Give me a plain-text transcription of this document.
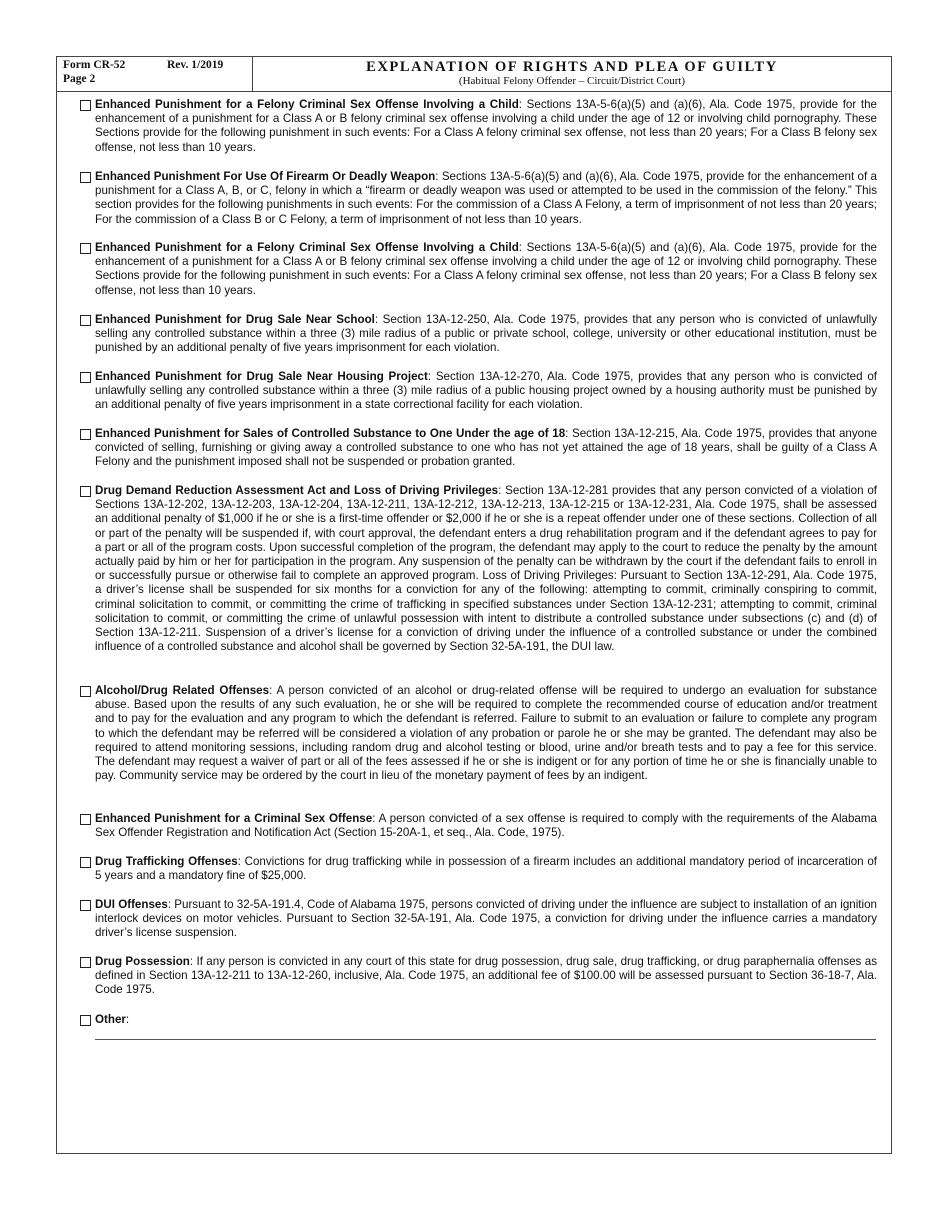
Form CR-52	Rev. 1/2019
Page 2
EXPLANATION OF RIGHTS AND PLEA OF GUILTY
(Habitual Felony Offender – Circuit/District Court)
Enhanced Punishment for a Felony Criminal Sex Offense Involving a Child: Sections 13A-5-6(a)(5) and (a)(6), Ala. Code 1975, provide for the enhancement of a punishment for a Class A or B felony criminal sex offense involving a child under the age of 12 or involving child pornography. These Sections provide for the following punishment in such events: For a Class A felony criminal sex offense, not less than 20 years; For a Class B felony sex offense, not less than 10 years.
Enhanced Punishment For Use Of Firearm Or Deadly Weapon: Sections 13A-5-6(a)(5) and (a)(6), Ala. Code 1975, provide for the enhancement of a punishment for a Class A, B, or C, felony in which a “firearm or deadly weapon was used or attempted to be used in the commission of the felony.” This section provides for the following punishments in such events: For the commission of a Class A Felony, a term of imprisonment of not less than 20 years; For the commission of a Class B or C Felony, a term of imprisonment of not less than 10 years.
Enhanced Punishment for a Felony Criminal Sex Offense Involving a Child: Sections 13A-5-6(a)(5) and (a)(6), Ala. Code 1975, provide for the enhancement of a punishment for a Class A or B felony criminal sex offense involving a child under the age of 12 or involving child pornography. These Sections provide for the following punishment in such events: For a Class A felony criminal sex offense, not less than 20 years; For a Class B felony sex offense, not less than 10 years.
Enhanced Punishment for Drug Sale Near School: Section 13A-12-250, Ala. Code 1975, provides that any person who is convicted of unlawfully selling any controlled substance within a three (3) mile radius of a public or private school, college, university or other educational institution, must be punished by an additional penalty of five years imprisonment for each violation.
Enhanced Punishment for Drug Sale Near Housing Project: Section 13A-12-270, Ala. Code 1975, provides that any person who is convicted of unlawfully selling any controlled substance within a three (3) mile radius of a public housing project owned by a housing authority must be punished by an additional penalty of five years imprisonment in a state correctional facility for each violation.
Enhanced Punishment for Sales of Controlled Substance to One Under the age of 18: Section 13A-12-215, Ala. Code 1975, provides that anyone convicted of selling, furnishing or giving away a controlled substance to one who has not yet attained the age of 18 years, shall be guilty of a Class A Felony and the punishment imposed shall not be suspended or probation granted.
Drug Demand Reduction Assessment Act and Loss of Driving Privileges: Section 13A-12-281 provides that any person convicted of a violation of Sections 13A-12-202, 13A-12-203, 13A-12-204, 13A-12-211, 13A-12-212, 13A-12-213, 13A-12-215 or 13A-12-231, Ala. Code 1975, shall be assessed an additional penalty of $1,000 if he or she is a first-time offender or $2,000 if he or she is a repeat offender under one of these sections. Collection of all or part of the penalty will be suspended if, with court approval, the defendant enters a drug rehabilitation program and if the defendant agrees to pay for a part or all of the program costs. Upon successful completion of the program, the defendant may apply to the court to reduce the penalty by the amount actually paid by him or her for participation in the program. Any suspension of the penalty can be withdrawn by the court if the defendant fails to enroll in or successfully pursue or otherwise fail to complete an approved program. Loss of Driving Privileges: Pursuant to Section 13A-12-291, Ala. Code 1975, a driver’s license shall be suspended for six months for a conviction for any of the following: attempting to commit, criminally conspiring to commit, criminal solicitation to commit, or committing the crime of trafficking in specified substances under Section 13A-12-231; attempting to commit, criminal solicitation to commit, or committing the crime of unlawful possession with intent to distribute a controlled substance under subsections (c) and (d) of Section 13A-12-211. Suspension of a driver’s license for a conviction of driving under the influence of a controlled substance or under the combined influence of a controlled substance and alcohol shall be governed by Section 32-5A-191, the DUI law.
Alcohol/Drug Related Offenses: A person convicted of an alcohol or drug-related offense will be required to undergo an evaluation for substance abuse. Based upon the results of any such evaluation, he or she will be required to complete the recommended course of education and/or treatment and to pay for the evaluation and any program to which the defendant is referred. Failure to submit to an evaluation or failure to complete any program to which the defendant may be referred will be considered a violation of any probation or parole he or she may be granted. The defendant may also be required to attend monitoring sessions, including random drug and alcohol testing or blood, urine and/or breath tests and to pay a fee for this service. The defendant may request a waiver of part or all of the fees assessed if he or she is indigent or for any portion of time he or she is financially unable to pay. Community service may be ordered by the court in lieu of the monetary payment of fees by an indigent.
Enhanced Punishment for a Criminal Sex Offense: A person convicted of a sex offense is required to comply with the requirements of the Alabama Sex Offender Registration and Notification Act (Section 15-20A-1, et seq., Ala. Code, 1975).
Drug Trafficking Offenses: Convictions for drug trafficking while in possession of a firearm includes an additional mandatory period of incarceration of 5 years and a mandatory fine of $25,000.
DUI Offenses: Pursuant to 32-5A-191.4, Code of Alabama 1975, persons convicted of driving under the influence are subject to installation of an ignition interlock devices on motor vehicles. Pursuant to Section 32-5A-191, Ala. Code 1975, a conviction for driving under the influence carries a mandatory driver’s license suspension.
Drug Possession: If any person is convicted in any court of this state for drug possession, drug sale, drug trafficking, or drug paraphernalia offenses as defined in Section 13A-12-211 to 13A-12-260, inclusive, Ala. Code 1975, an additional fee of $100.00 will be assessed pursuant to Section 36-18-7, Ala. Code 1975.
Other:
